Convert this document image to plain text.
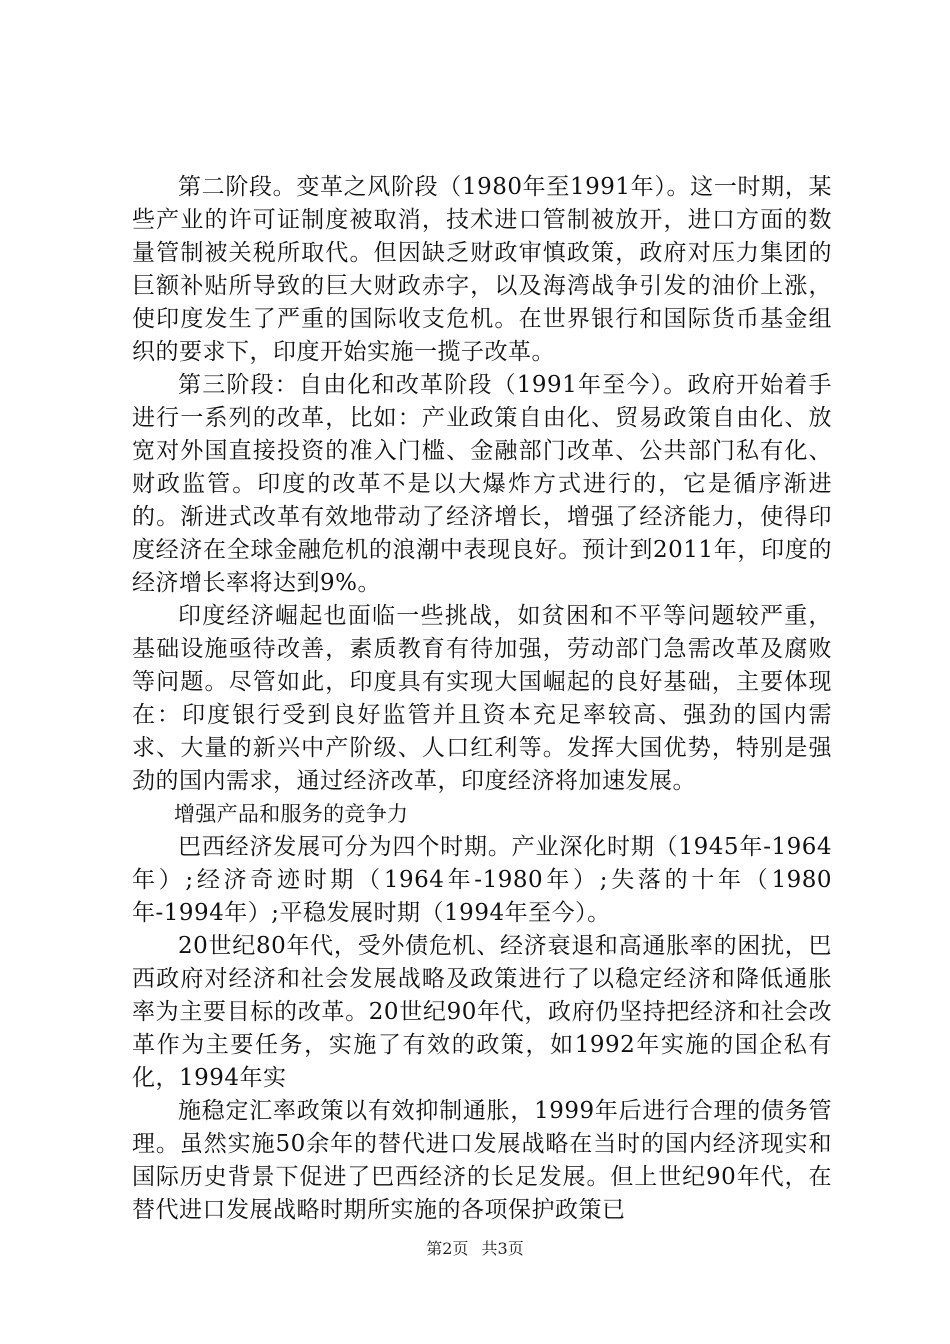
第二阶段。变革之风阶段（1980年至1991年）。这一时期，某些产业的许可证制度被取消，技术进口管制被放开，进口方面的数量管制被关税所取代。但因缺乏财政审慎政策，政府对压力集团的巨额补贴所导致的巨大财政赤字，以及海湾战争引发的油价上涨，使印度发生了严重的国际收支危机。在世界银行和国际货币基金组织的要求下，印度开始实施一揽子改革。

第三阶段：自由化和改革阶段（1991年至今）。政府开始着手进行一系列的改革，比如：产业政策自由化、贸易政策自由化、放宽对外国直接投资的准入门槛、金融部门改革、公共部门私有化、财政监管。印度的改革不是以大爆炸方式进行的，它是循序渐进的。渐进式改革有效地带动了经济增长，增强了经济能力，使得印度经济在全球金融危机的浪潮中表现良好。预计到2011年，印度的经济增长率将达到9%。

印度经济崛起也面临一些挑战，如贫困和不平等问题较严重，基础设施亟待改善，素质教育有待加强，劳动部门急需改革及腐败等问题。尽管如此，印度具有实现大国崛起的良好基础，主要体现在：印度银行受到良好监管并且资本充足率较高、强劲的国内需求、大量的新兴中产阶级、人口红利等。发挥大国优势，特别是强劲的国内需求，通过经济改革，印度经济将加速发展。

增强产品和服务的竞争力

巴西经济发展可分为四个时期。产业深化时期（1945年-1964年）;经济奇迹时期（1964年-1980年）;失落的十年（1980年-1994年）;平稳发展时期（1994年至今）。

20世纪80年代，受外债危机、经济衰退和高通胀率的困扰，巴西政府对经济和社会发展战略及政策进行了以稳定经济和降低通胀率为主要目标的改革。20世纪90年代，政府仍坚持把经济和社会改革作为主要任务，实施了有效的政策，如1992年实施的国企私有化，1994年实

施稳定汇率政策以有效抑制通胀，1999年后进行合理的债务管理。虽然实施50余年的替代进口发展战略在当时的国内经济现实和国际历史背景下促进了巴西经济的长足发展。但上世纪90年代，在替代进口发展战略时期所实施的各项保护政策已

第2页 共3页
